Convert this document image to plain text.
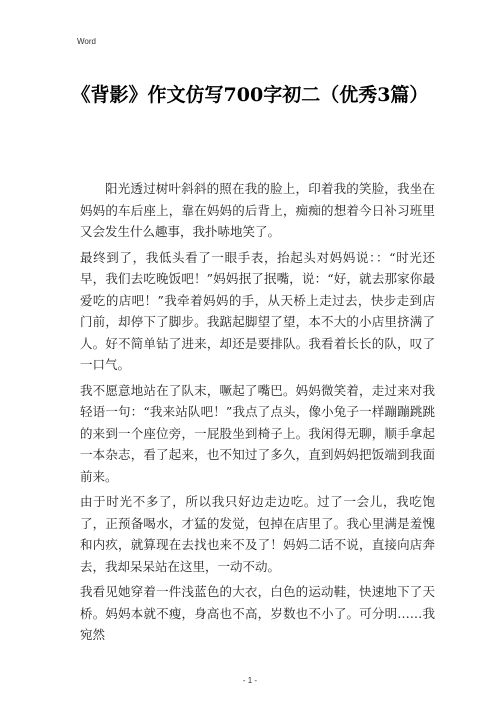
Word
《背影》作文仿写700字初二（优秀3篇）

阳光透过树叶斜斜的照在我的脸上，印着我的笑脸，我坐在妈妈的车后座上，靠在妈妈的后背上，痴痴的想着今日补习班里又会发生什么趣事，我扑哧地笑了。

最终到了，我低头看了一眼手表，抬起头对妈妈说：：“时光还早，我们去吃晚饭吧！”妈妈抿了抿嘴，说：“好，就去那家你最爱吃的店吧！”我牵着妈妈的手，从天桥上走过去，快步走到店门前，却停下了脚步。我踮起脚望了望，本不大的小店里挤满了人。好不简单钻了进来，却还是要排队。我看着长长的队，叹了一口气。

我不愿意地站在了队末，噘起了嘴巴。妈妈微笑着，走过来对我轻语一句：“我来站队吧！”我点了点头，像小兔子一样蹦蹦跳跳的来到一个座位旁，一屁股坐到椅子上。我闲得无聊，顺手拿起一本杂志，看了起来，也不知过了多久，直到妈妈把饭端到我面前来。

由于时光不多了，所以我只好边走边吃。过了一会儿，我吃饱了，正预备喝水，才猛的发觉，包掉在店里了。我心里满是羞愧和内疚，就算现在去找也来不及了！妈妈二话不说，直接向店奔去，我却呆呆站在这里，一动不动。

我看见她穿着一件浅蓝色的大衣，白色的运动鞋，快速地下了天桥。妈妈本就不瘦，身高也不高，岁数也不小了。可分明……我宛然

- 1 -
